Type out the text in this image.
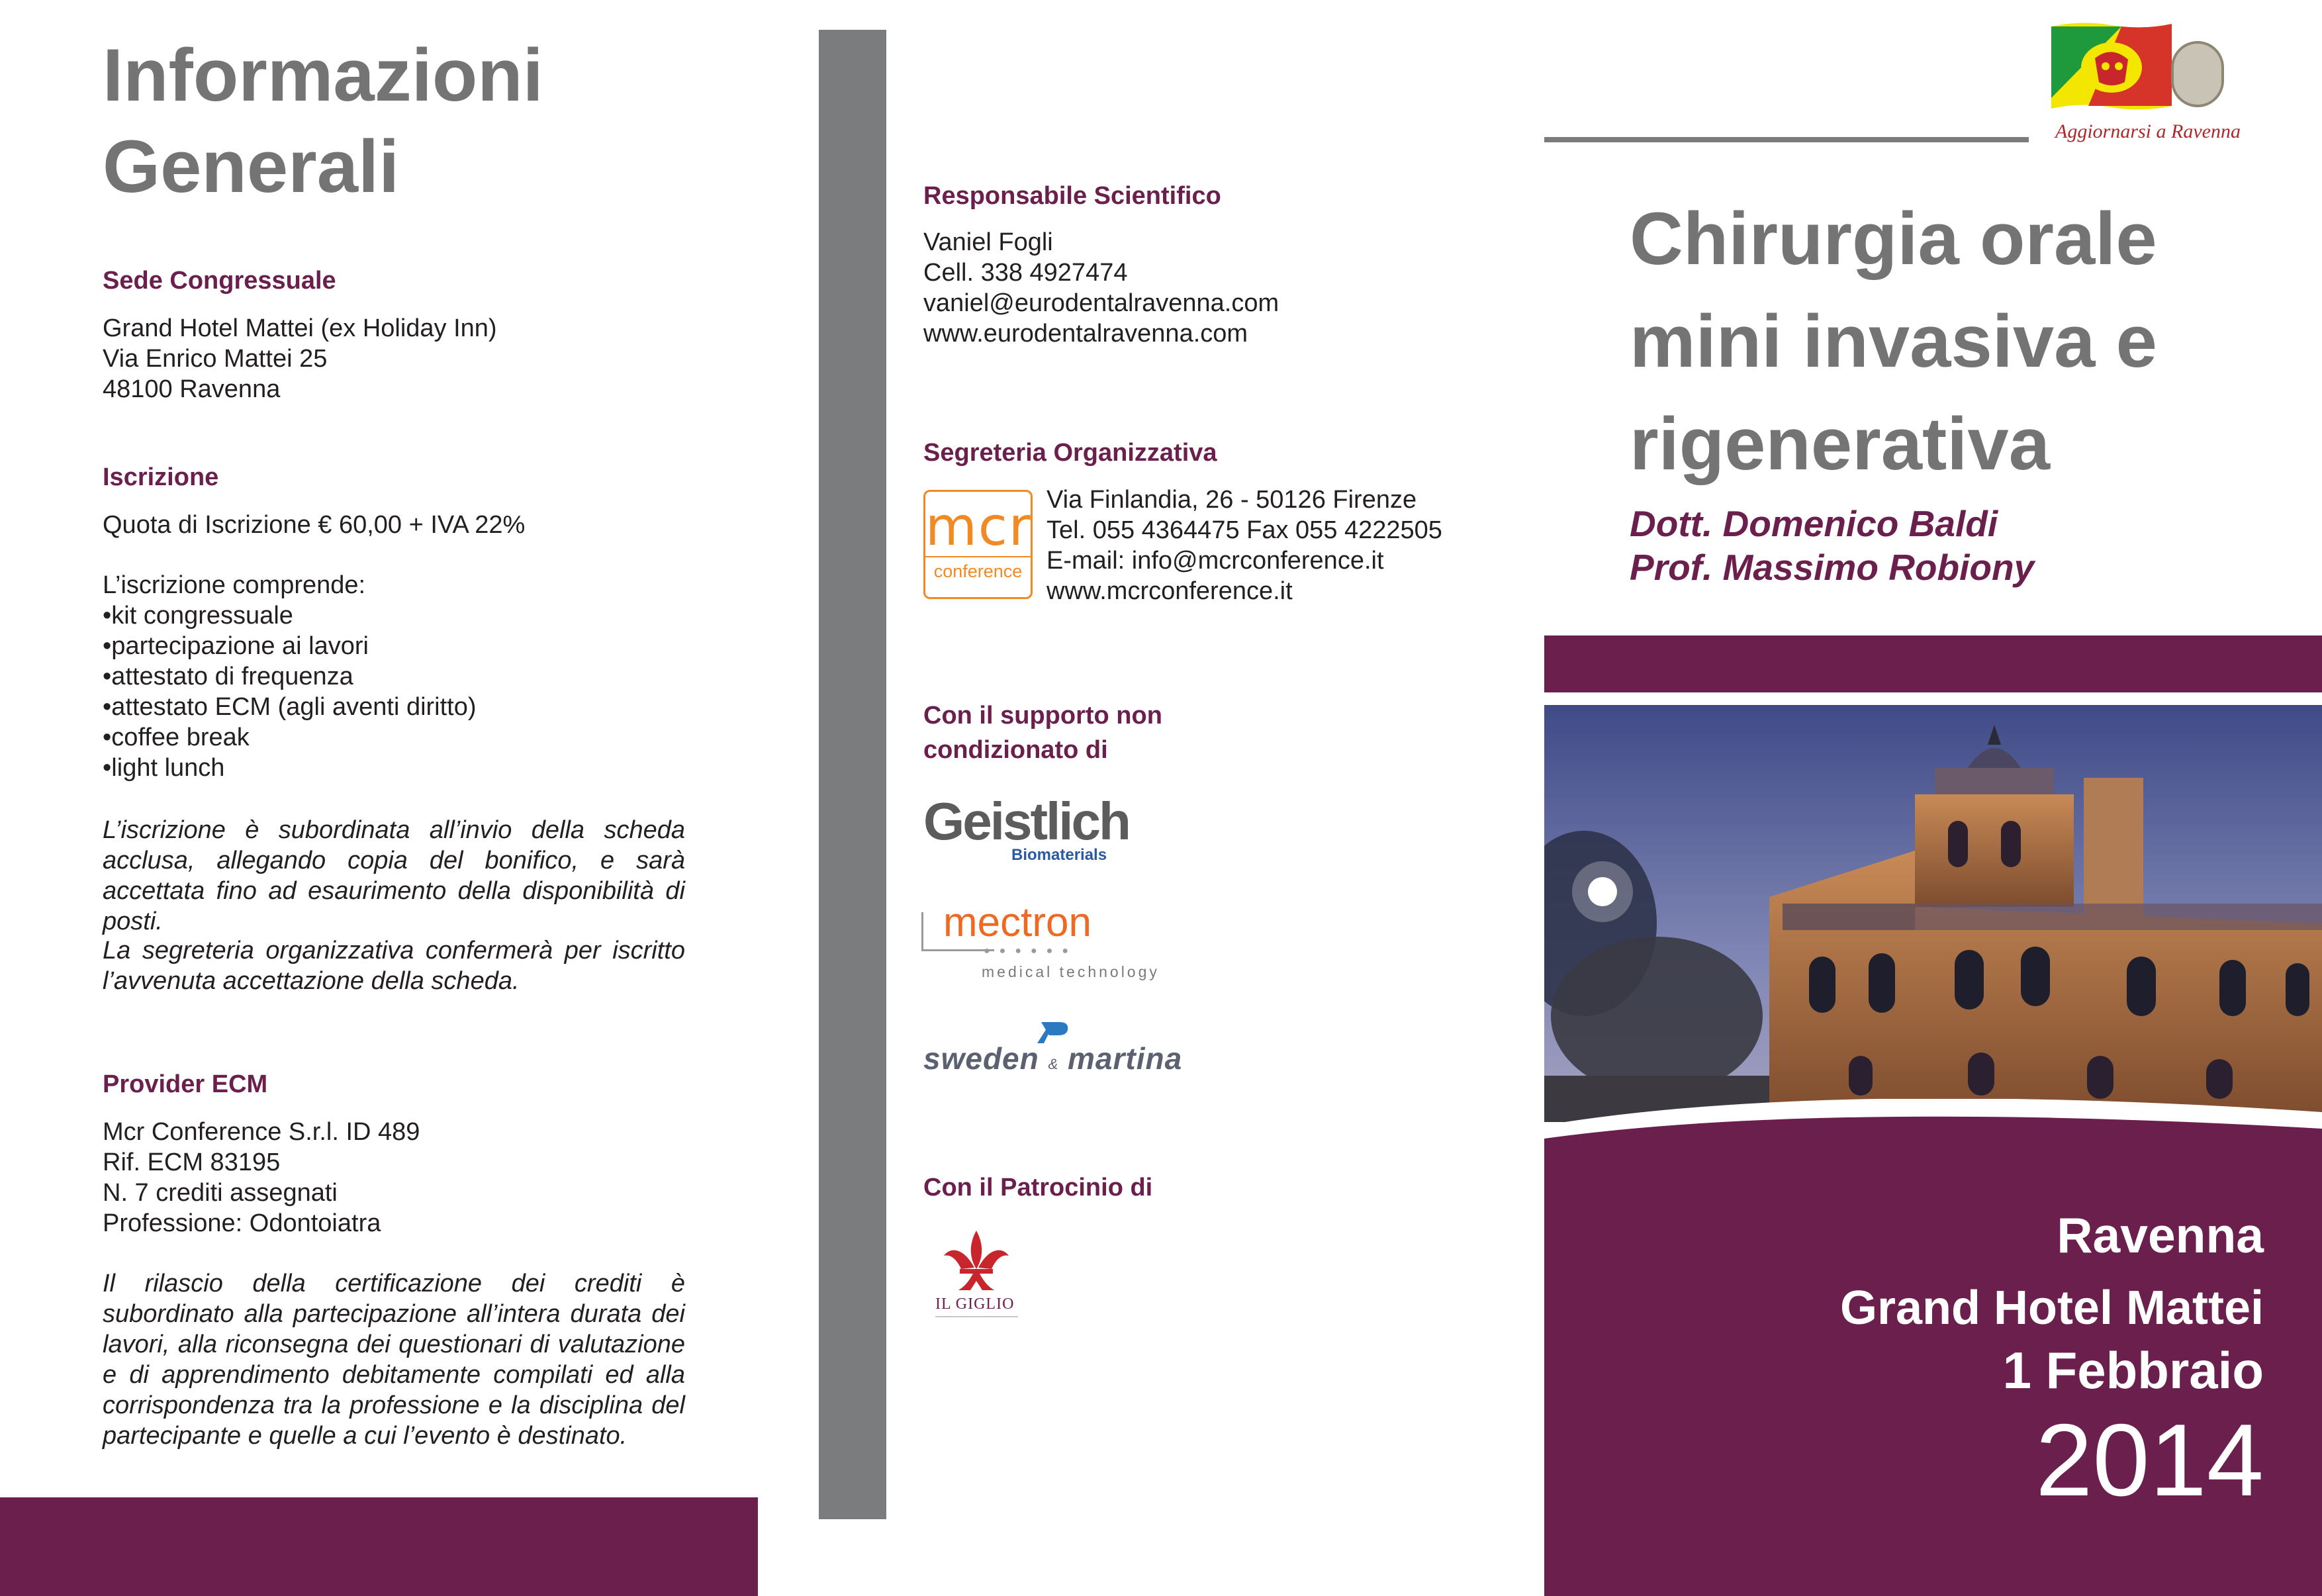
Informazioni
Generali
Sede Congressuale
Grand Hotel Mattei (ex Holiday Inn)
Via Enrico Mattei 25
48100 Ravenna
Iscrizione
Quota di Iscrizione € 60,00 + IVA 22%
L’iscrizione comprende:
•kit congressuale
•partecipazione ai lavori
•attestato di frequenza
•attestato ECM (agli aventi diritto)
•coffee break
•light lunch
L’iscrizione è subordinata all’invio della scheda acclusa, allegando copia del bonifico, e sarà accettata fino ad esaurimento della disponibilità di posti.
La segreteria organizzativa confermerà per iscritto l’avvenuta accettazione della scheda.
Provider ECM
Mcr Conference S.r.l. ID 489
Rif. ECM 83195
N. 7 crediti assegnati
Professione: Odontoiatra
Il rilascio della certificazione dei crediti è subordinato alla partecipazione all’intera durata dei lavori, alla riconsegna dei questionari di valutazione e di apprendimento debitamente compilati ed alla corrispondenza tra la professione e la disciplina del partecipante e quelle a cui l’evento è destinato.
Responsabile Scientifico
Vaniel Fogli
Cell. 338 4927474
vaniel@eurodentalravenna.com
www.eurodentalravenna.com
Segreteria Organizzativa
mcr
conference
Via Finlandia, 26 - 50126 Firenze
Tel. 055 4364475 Fax 055 4222505
E-mail: info@mcrconference.it
www.mcrconference.it
Con il supporto non
condizionato di
Geistlich
Biomaterials
mectron
●●●●●●
medical technology
sweden & martina
Con il Patrocinio di
IL GIGLIO
Aggiornarsi a Ravenna
Chirurgia orale
mini invasiva e
rigenerativa
Dott. Domenico Baldi
Prof. Massimo Robiony
Ravenna
Grand Hotel Mattei
1 Febbraio
2014
